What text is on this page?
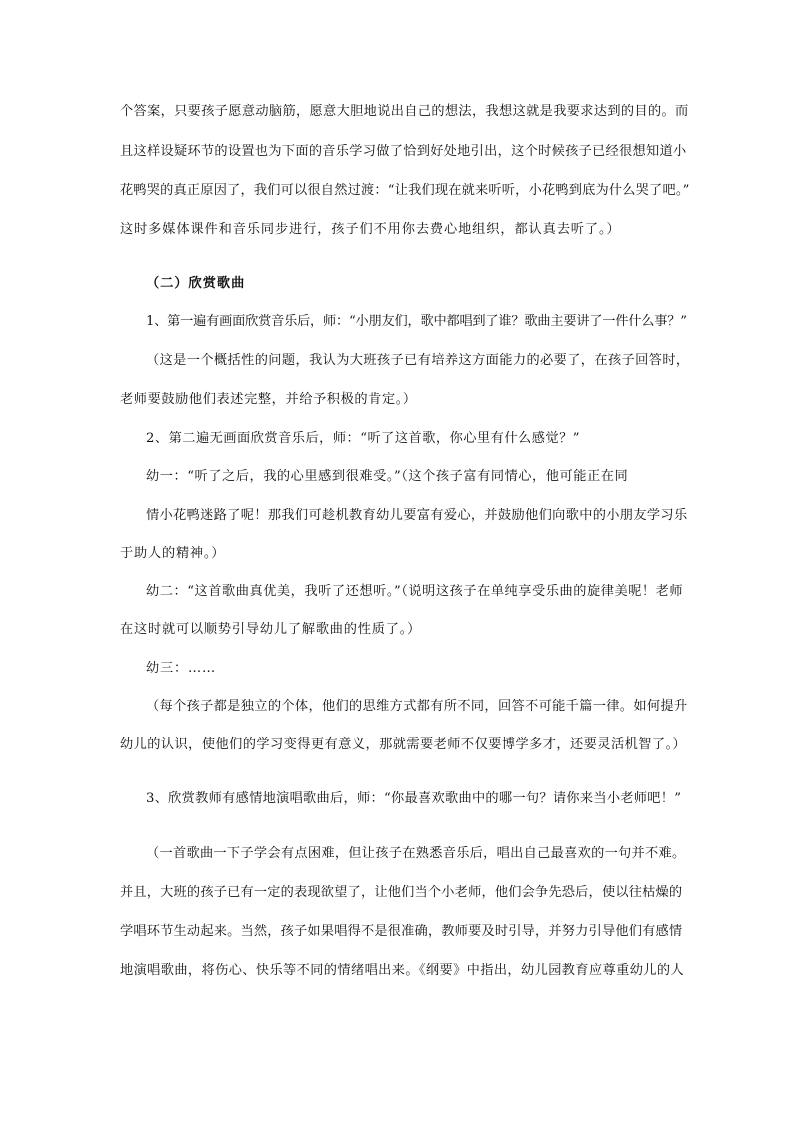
个答案，只要孩子愿意动脑筋，愿意大胆地说出自己的想法，我想这就是我要求达到的目的。而
且这样设疑环节的设置也为下面的音乐学习做了恰到好处地引出，这个时候孩子已经很想知道小
花鸭哭的真正原因了，我们可以很自然过渡：“让我们现在就来听听，小花鸭到底为什么哭了吧。”
这时多媒体课件和音乐同步进行，孩子们不用你去费心地组织，都认真去听了。）
（二）欣赏歌曲
1、第一遍有画面欣赏音乐后，师：“小朋友们，歌中都唱到了谁？歌曲主要讲了一件什么事？”
（这是一个概括性的问题，我认为大班孩子已有培养这方面能力的必要了，在孩子回答时，
老师要鼓励他们表述完整，并给予积极的肯定。）
2、第二遍无画面欣赏音乐后，师：“听了这首歌，你心里有什么感觉？”
幼一：“听了之后，我的心里感到很难受。”（这个孩子富有同情心，他可能正在同
情小花鸭迷路了呢！那我们可趁机教育幼儿要富有爱心，并鼓励他们向歌中的小朋友学习乐
于助人的精神。）
幼二：“这首歌曲真优美，我听了还想听。”（说明这孩子在单纯享受乐曲的旋律美呢！老师
在这时就可以顺势引导幼儿了解歌曲的性质了。）
幼三：……
（每个孩子都是独立的个体，他们的思维方式都有所不同，回答不可能千篇一律。如何提升
幼儿的认识，使他们的学习变得更有意义，那就需要老师不仅要博学多才，还要灵活机智了。）
3、欣赏教师有感情地演唱歌曲后，师：“你最喜欢歌曲中的哪一句？请你来当小老师吧！”
（一首歌曲一下子学会有点困难，但让孩子在熟悉音乐后，唱出自己最喜欢的一句并不难。
并且，大班的孩子已有一定的表现欲望了，让他们当个小老师，他们会争先恐后，使以往枯燥的
学唱环节生动起来。当然，孩子如果唱得不是很准确，教师要及时引导，并努力引导他们有感情
地演唱歌曲，将伤心、快乐等不同的情绪唱出来。《纲要》中指出，幼儿园教育应尊重幼儿的人
